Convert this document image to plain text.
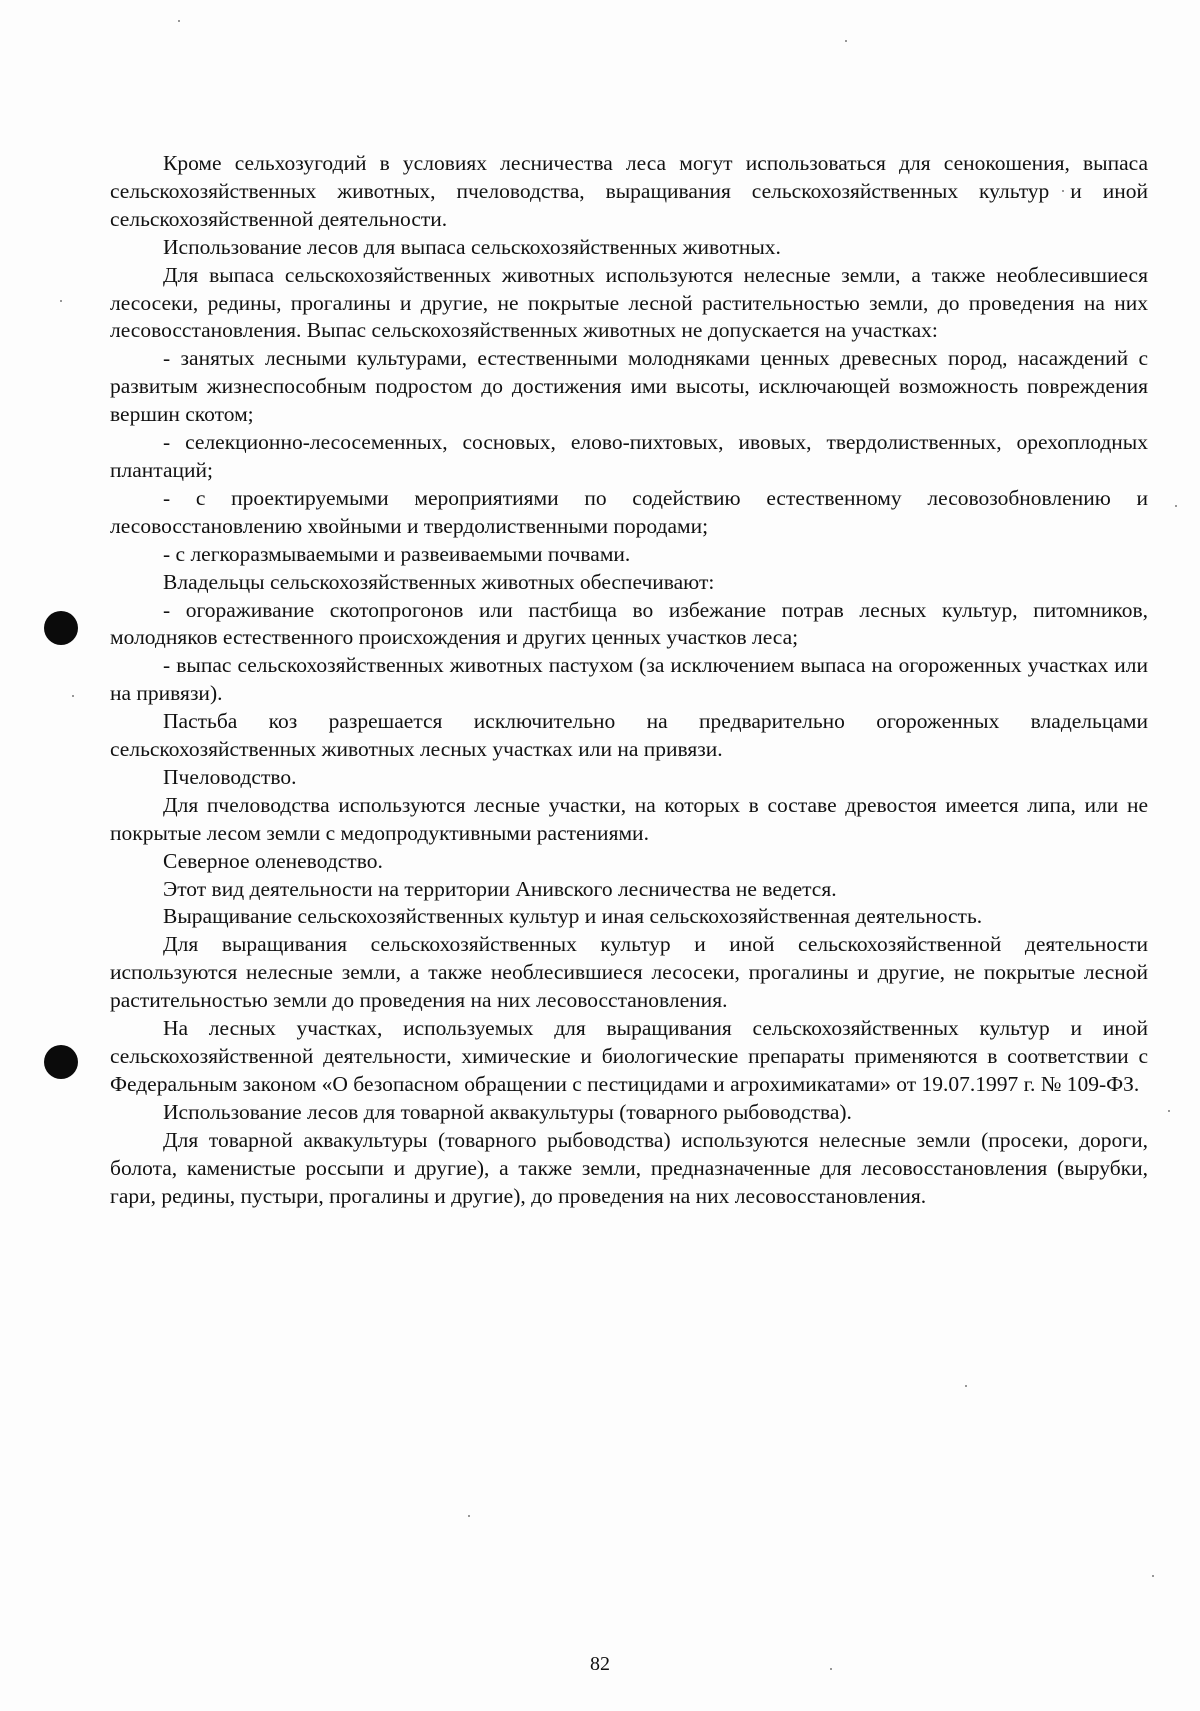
Кроме сельхозугодий в условиях лесничества леса могут использоваться для сенокошения, выпаса сельскохозяйственных животных, пчеловодства, выращивания сельскохозяйственных культур и иной сельскохозяйственной деятельности.

Использование лесов для выпаса сельскохозяйственных животных.

Для выпаса сельскохозяйственных животных используются нелесные земли, а также необлесившиеся лесосеки, редины, прогалины и другие, не покрытые лесной растительностью земли, до проведения на них лесовосстановления. Выпас сельскохозяйственных животных не допускается на участках:

- занятых лесными культурами, естественными молодняками ценных древесных пород, насаждений с развитым жизнеспособным подростом до достижения ими высоты, исключающей возможность повреждения вершин скотом;

- селекционно-лесосеменных, сосновых, елово-пихтовых, ивовых, твердолиственных, орехоплодных плантаций;

- с проектируемыми мероприятиями по содействию естественному лесовозобновлению и лесовосстановлению хвойными и твердолиственными породами;

- с легкоразмываемыми и развеиваемыми почвами.

Владельцы сельскохозяйственных животных обеспечивают:

- огораживание скотопрогонов или пастбища во избежание потрав лесных культур, питомников, молодняков естественного происхождения и других ценных участков леса;

- выпас сельскохозяйственных животных пастухом (за исключением выпаса на огороженных участках или на привязи).

Пастьба коз разрешается исключительно на предварительно огороженных владельцами сельскохозяйственных животных лесных участках или на привязи.

Пчеловодство.

Для пчеловодства используются лесные участки, на которых в составе древостоя имеется липа, или не покрытые лесом земли с медопродуктивными растениями.

Северное оленеводство.

Этот вид деятельности на территории Анивского лесничества не ведется.

Выращивание сельскохозяйственных культур и иная сельскохозяйственная деятельность.

Для выращивания сельскохозяйственных культур и иной сельскохозяйственной деятельности используются нелесные земли, а также необлесившиеся лесосеки, прогалины и другие, не покрытые лесной растительностью земли до проведения на них лесовосстановления.

На лесных участках, используемых для выращивания сельскохозяйственных культур и иной сельскохозяйственной деятельности, химические и биологические препараты применяются в соответствии с Федеральным законом «О безопасном обращении с пестицидами и агрохимикатами» от 19.07.1997 г. № 109-ФЗ.

Использование лесов для товарной аквакультуры (товарного рыбоводства).

Для товарной аквакультуры (товарного рыбоводства) используются нелесные земли (просеки, дороги, болота, каменистые россыпи и другие), а также земли, предназначенные для лесовосстановления (вырубки, гари, редины, пустыри, прогалины и другие), до проведения на них лесовосстановления.

82
